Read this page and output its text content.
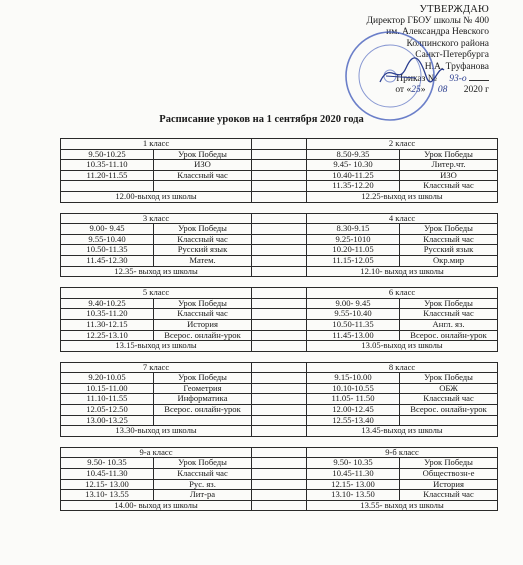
УТВЕРЖДАЮ
Директор ГБОУ школы № 400
им. Александра Невского
Колпинского района
Санкт-Петербурга
Н.А. Труфанова
Приказ № 93-о
от «25» 08 2020 г
Расписание уроков на 1 сентября 2020 года
1 класс			2 класс	
9.50-10.25	Урок Победы		8.50-9.35	Урок Победы
10.35-11.10	ИЗО		9.45- 10.30	Литер.чт.
11.20-11.55	Классный час		10.40-11.25	ИЗО
			11.35-12.20	Классный час
12.00-выход из школы			12.25-выход из школы	

3 класс			4 класс	
9.00- 9.45	Урок Победы		8.30-9.15	Урок Победы
9.55-10.40	Классный час		9.25-1010	Классный час
10.50-11.35	Русский язык		10.20-11.05	Русский язык
11.45-12.30	Матем.		11.15-12.05	Окр.мир
12.35- выход из школы			12.10- выход из школы	

5 класс			6 класс	
9.40-10.25	Урок Победы		9.00- 9.45	Урок Победы
10.35-11.20	Классный час		9.55-10.40	Классный час
11.30-12.15	История		10.50-11.35	Англ. яз.
12.25-13.10	Всерос. онлайн-урок		11.45-13.00	Всерос. онлайн-урок
13.15-выход из школы			13.05-выход из школы	

7 класс			8 класс	
9.20-10.05	Урок Победы		9.15-10.00	Урок Победы
10.15-11.00	Геометрия		10.10-10.55	ОБЖ
11.10-11.55	Информатика		11.05- 11.50	Классный час
12.05-12.50	Всерос. онлайн-урок		12.00-12.45	Всерос. онлайн-урок
13.00-13.25			12.55-13.40	
13.30-выход из школы			13.45-выход из школы	

9-а класс			9-б класс	
9.50- 10.35	Урок Победы		9.50- 10.35	Урок Победы
10.45-11.30	Классный час		10.45-11.30	Обществозн-е
12.15- 13.00	Рус. яз.		12.15- 13.00	История
13.10- 13.55	Лит-ра		13.10- 13.50	Классный час
14.00- выход из школы			13.55- выход из школы	
